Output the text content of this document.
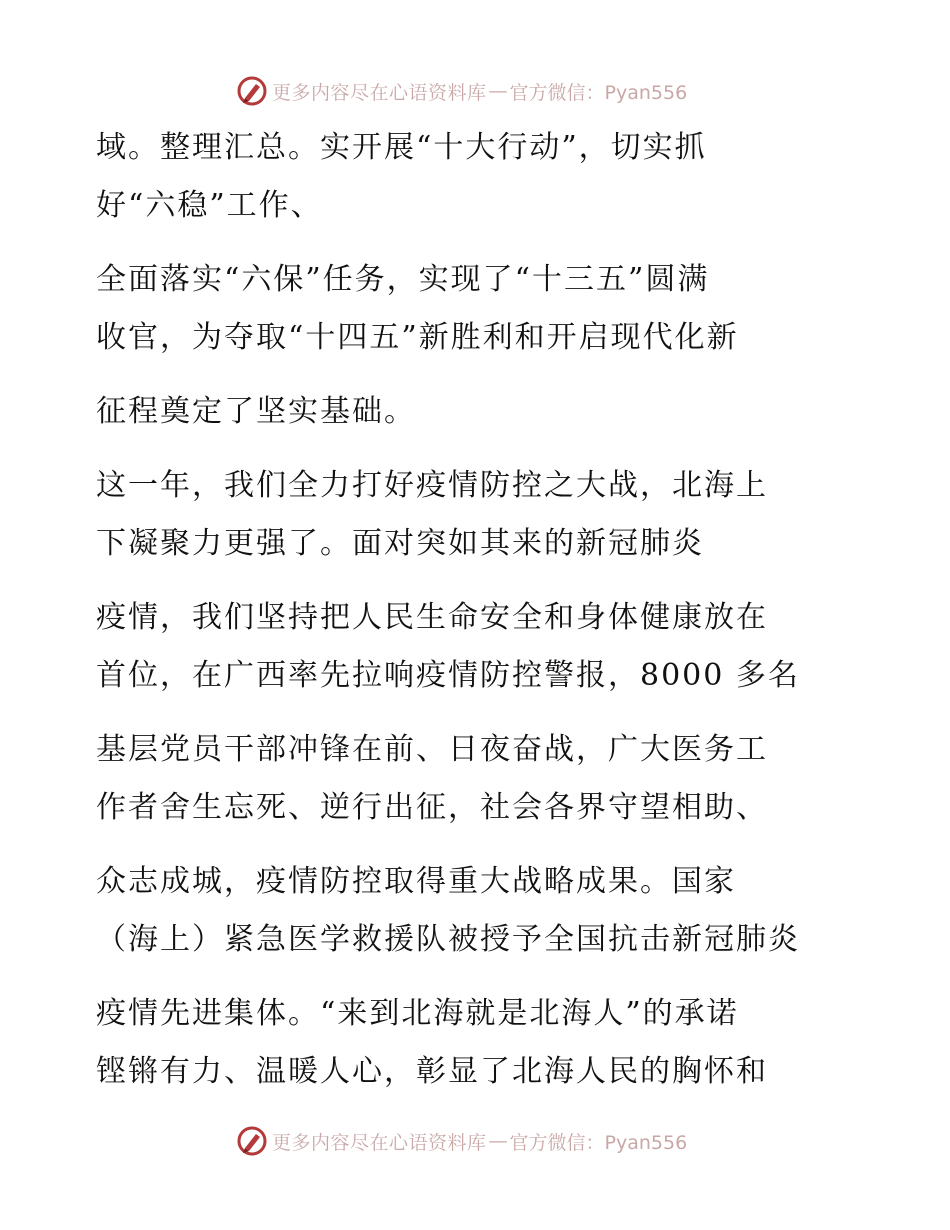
更多内容尽在心语资料库 — 官方微信：Pyan556
域。整理汇总。实开展“十大行动”，切实抓
好“六稳”工作、
全面落实“六保”任务，实现了“十三五”圆满
收官，为夺取“十四五”新胜利和开启现代化新
征程奠定了坚实基础。
这一年，我们全力打好疫情防控之大战，北海上
下凝聚力更强了。面对突如其来的新冠肺炎
疫情，我们坚持把人民生命安全和身体健康放在
首位，在广西率先拉响疫情防控警报，8000 多名
基层党员干部冲锋在前、日夜奋战，广大医务工
作者舍生忘死、逆行出征，社会各界守望相助、
众志成城，疫情防控取得重大战略成果。国家
（海上）紧急医学救援队被授予全国抗击新冠肺炎
疫情先进集体。“来到北海就是北海人”的承诺
铿锵有力、温暖人心，彰显了北海人民的胸怀和
更多内容尽在心语资料库 — 官方微信：Pyan556
